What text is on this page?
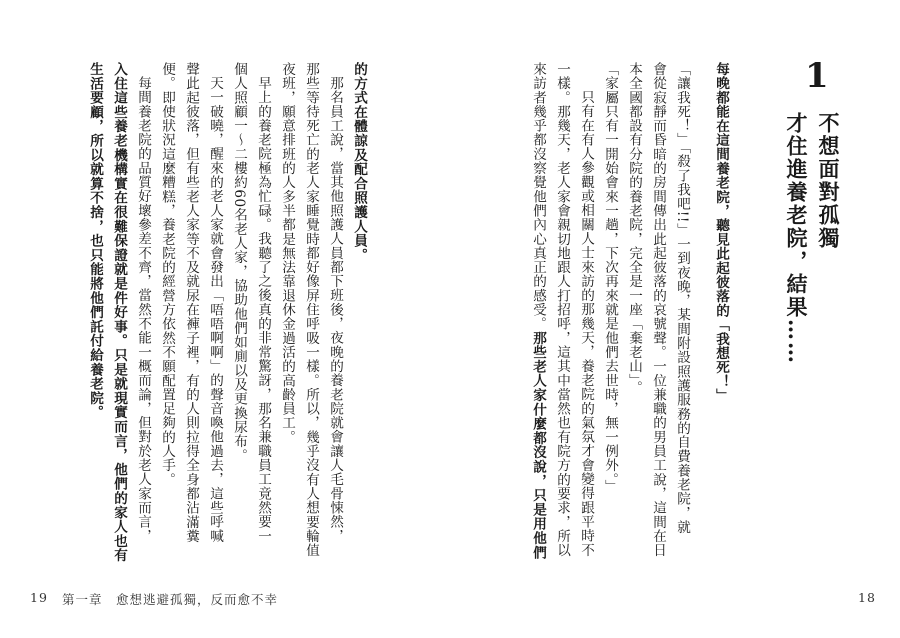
1
不想面對孤獨
才住進養老院，結果……
每晚都能在這間養老院，聽見此起彼落的「我想死！」
「讓我死！」「殺了我吧!!」一到夜晚，某間附設照護服務的自費養老院，就
會從寂靜而昏暗的房間傳出此起彼落的哀號聲。一位兼職的男員工說，這間在日
本全國都設有分院的養老院，完全是一座「棄老山」。
「家屬只有一開始會來一趟，下次再來就是他們去世時，無一例外。」
只有在有人參觀或相關人士來訪的那幾天，養老院的氣氛才會變得跟平時不
一樣。那幾天，老人家會親切地跟人打招呼，這其中當然也有院方的要求，所以
來訪者幾乎都沒察覺他們內心真正的感受。那些老人家什麼都沒說，只是用他們
18
的方式在體諒及配合照護人員。
那名員工說，當其他照護人員都下班後，夜晚的養老院就會讓人毛骨悚然，
那些等待死亡的老人家睡覺時都好像屏住呼吸一樣。所以，幾乎沒有人想要輪值
夜班，願意排班的人多半都是無法靠退休金過活的高齡員工。
早上的養老院極為忙碌。我聽了之後真的非常驚訝，那名兼職員工竟然要一
個人照顧一～二樓約60名老人家，協助他們如廁以及更換尿布。
天一破曉，醒來的老人家就會發出「唔唔啊啊」的聲音喚他過去，這些呼喊
聲此起彼落，但有些老人家等不及就尿在褲子裡，有的人則拉得全身都沾滿糞
便。即使狀況這麼糟糕，養老院的經營方依然不願配置足夠的人手。
每間養老院的品質好壞參差不齊，當然不能一概而論，但對於老人家而言，
入住這些養老機構實在很難保證就是件好事。只是就現實而言，他們的家人也有
生活要顧，所以就算不捨，也只能將他們託付給養老院。
19 第一章　愈想逃避孤獨，反而愈不幸
